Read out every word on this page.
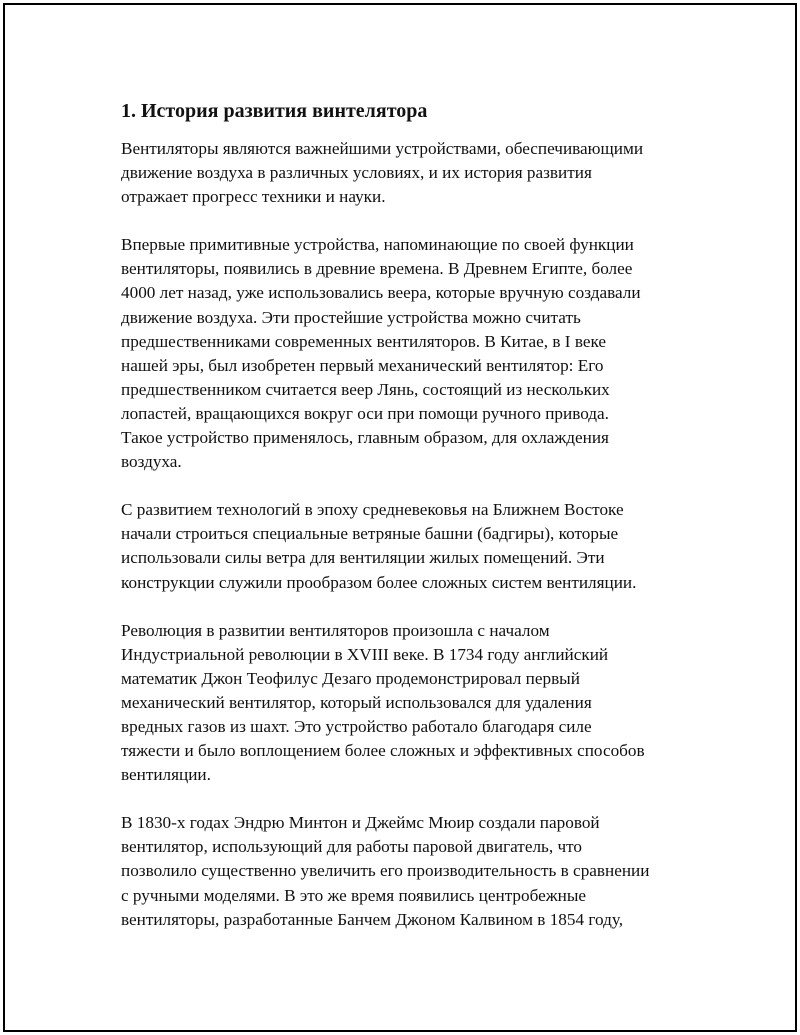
1. История развития винтелятора

Вентиляторы являются важнейшими устройствами, обеспечивающими
движение воздуха в различных условиях, и их история развития
отражает прогресс техники и науки.

Впервые примитивные устройства, напоминающие по своей функции
вентиляторы, появились в древние времена. В Древнем Египте, более
4000 лет назад, уже использовались веера, которые вручную создавали
движение воздуха. Эти простейшие устройства можно считать
предшественниками современных вентиляторов. В Китае, в I веке
нашей эры, был изобретен первый механический вентилятор: Его
предшественником считается веер Лянь, состоящий из нескольких
лопастей, вращающихся вокруг оси при помощи ручного привода.
Такое устройство применялось, главным образом, для охлаждения
воздуха.

С развитием технологий в эпоху средневековья на Ближнем Востоке
начали строиться специальные ветряные башни (бадгиры), которые
использовали силы ветра для вентиляции жилых помещений. Эти
конструкции служили прообразом более сложных систем вентиляции.

Революция в развитии вентиляторов произошла с началом
Индустриальной революции в XVIII веке. В 1734 году английский
математик Джон Теофилус Дезаго продемонстрировал первый
механический вентилятор, который использовался для удаления
вредных газов из шахт. Это устройство работало благодаря силе
тяжести и было воплощением более сложных и эффективных способов
вентиляции.

В 1830-х годах Эндрю Минтон и Джеймс Мюир создали паровой
вентилятор, использующий для работы паровой двигатель, что
позволило существенно увеличить его производительность в сравнении
с ручными моделями. В это же время появились центробежные
вентиляторы, разработанные Банчем Джоном Калвином в 1854 году,
